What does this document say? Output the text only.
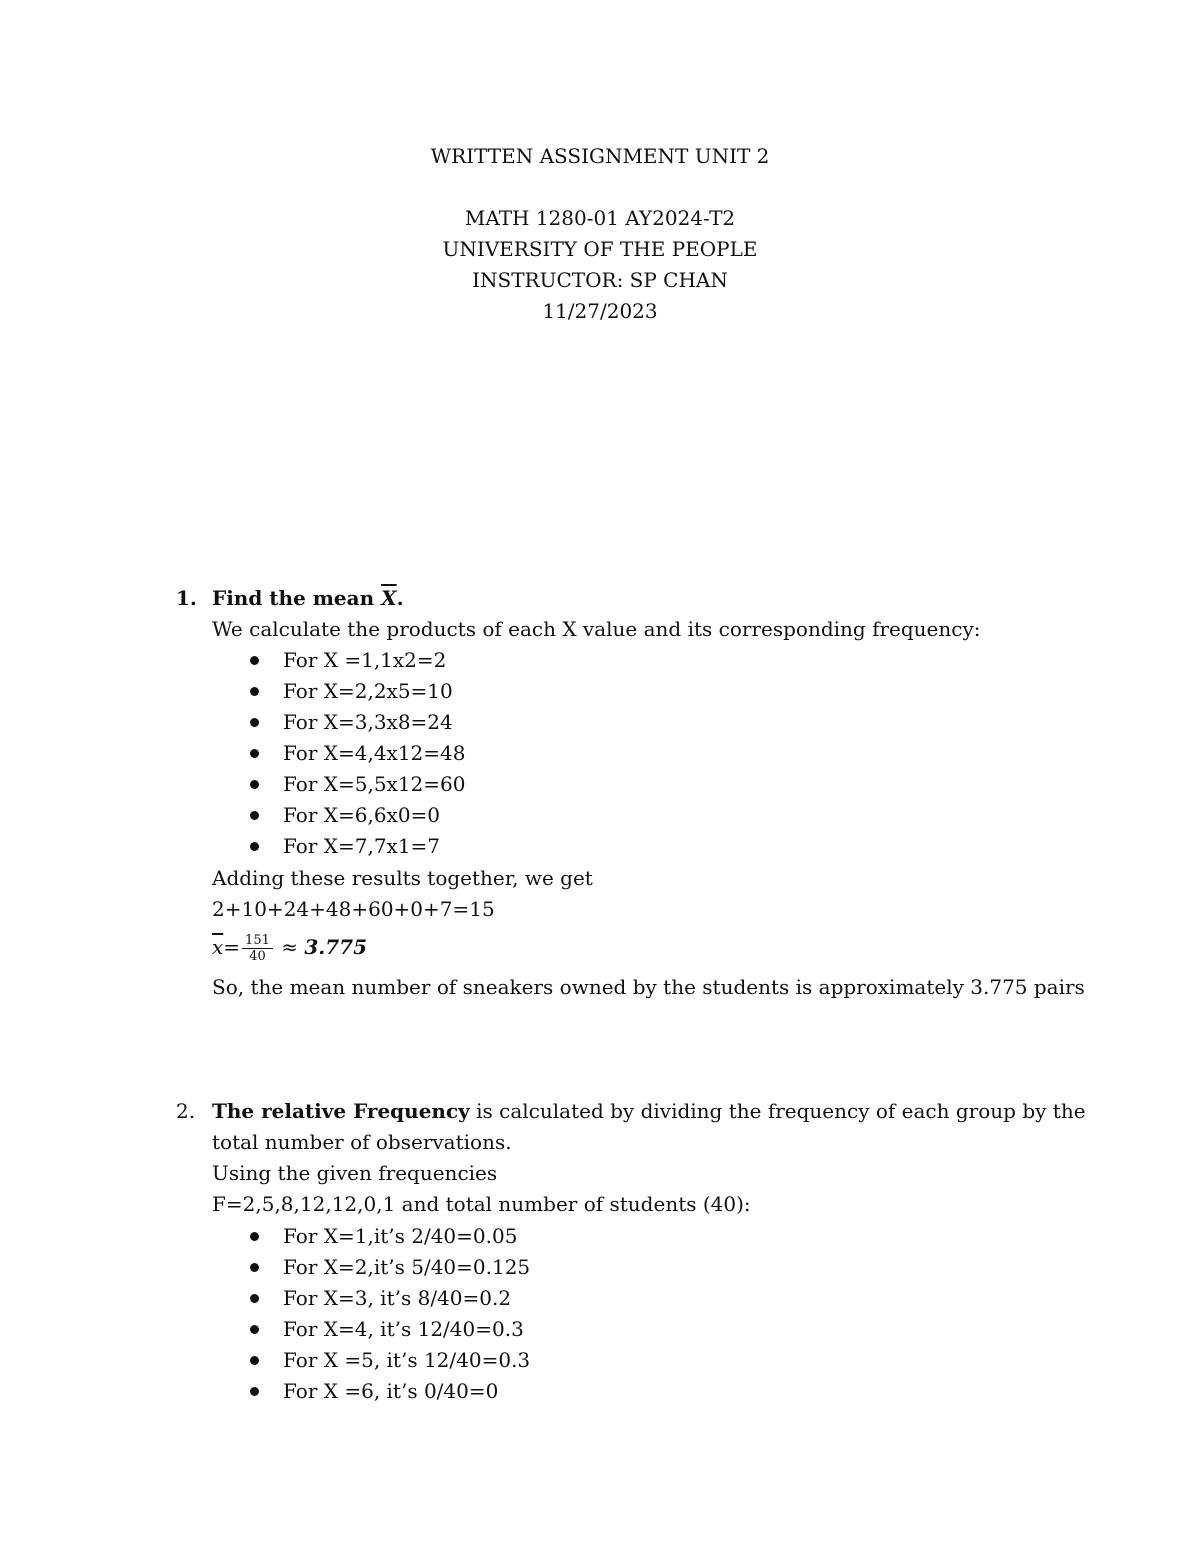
WRITTEN ASSIGNMENT UNIT 2
MATH 1280-01 AY2024-T2
UNIVERSITY OF THE PEOPLE
INSTRUCTOR: SP CHAN
11/27/2023
1. Find the mean $\overline{X}$.
We calculate the products of each X value and its corresponding frequency:
For X =1,1x2=2
For X=2,2x5=10
For X=3,3x8=24
For X=4,4x12=48
For X=5,5x12=60
For X=6,6x0=0
For X=7,7x1=7
Adding these results together, we get
2+10+24+48+60+0+7=15
$\overline{x}= \frac{151}{40} \approx 3.775$
So, the mean number of sneakers owned by the students is approximately 3.775 pairs
2. The relative Frequency is calculated by dividing the frequency of each group by the
total number of observations.
Using the given frequencies
F=2,5,8,12,12,0,1 and total number of students (40):
For X=1,it’s 2/40=0.05
For X=2,it’s 5/40=0.125
For X=3, it’s 8/40=0.2
For X=4, it’s 12/40=0.3
For X =5, it’s 12/40=0.3
For X =6, it’s 0/40=0
